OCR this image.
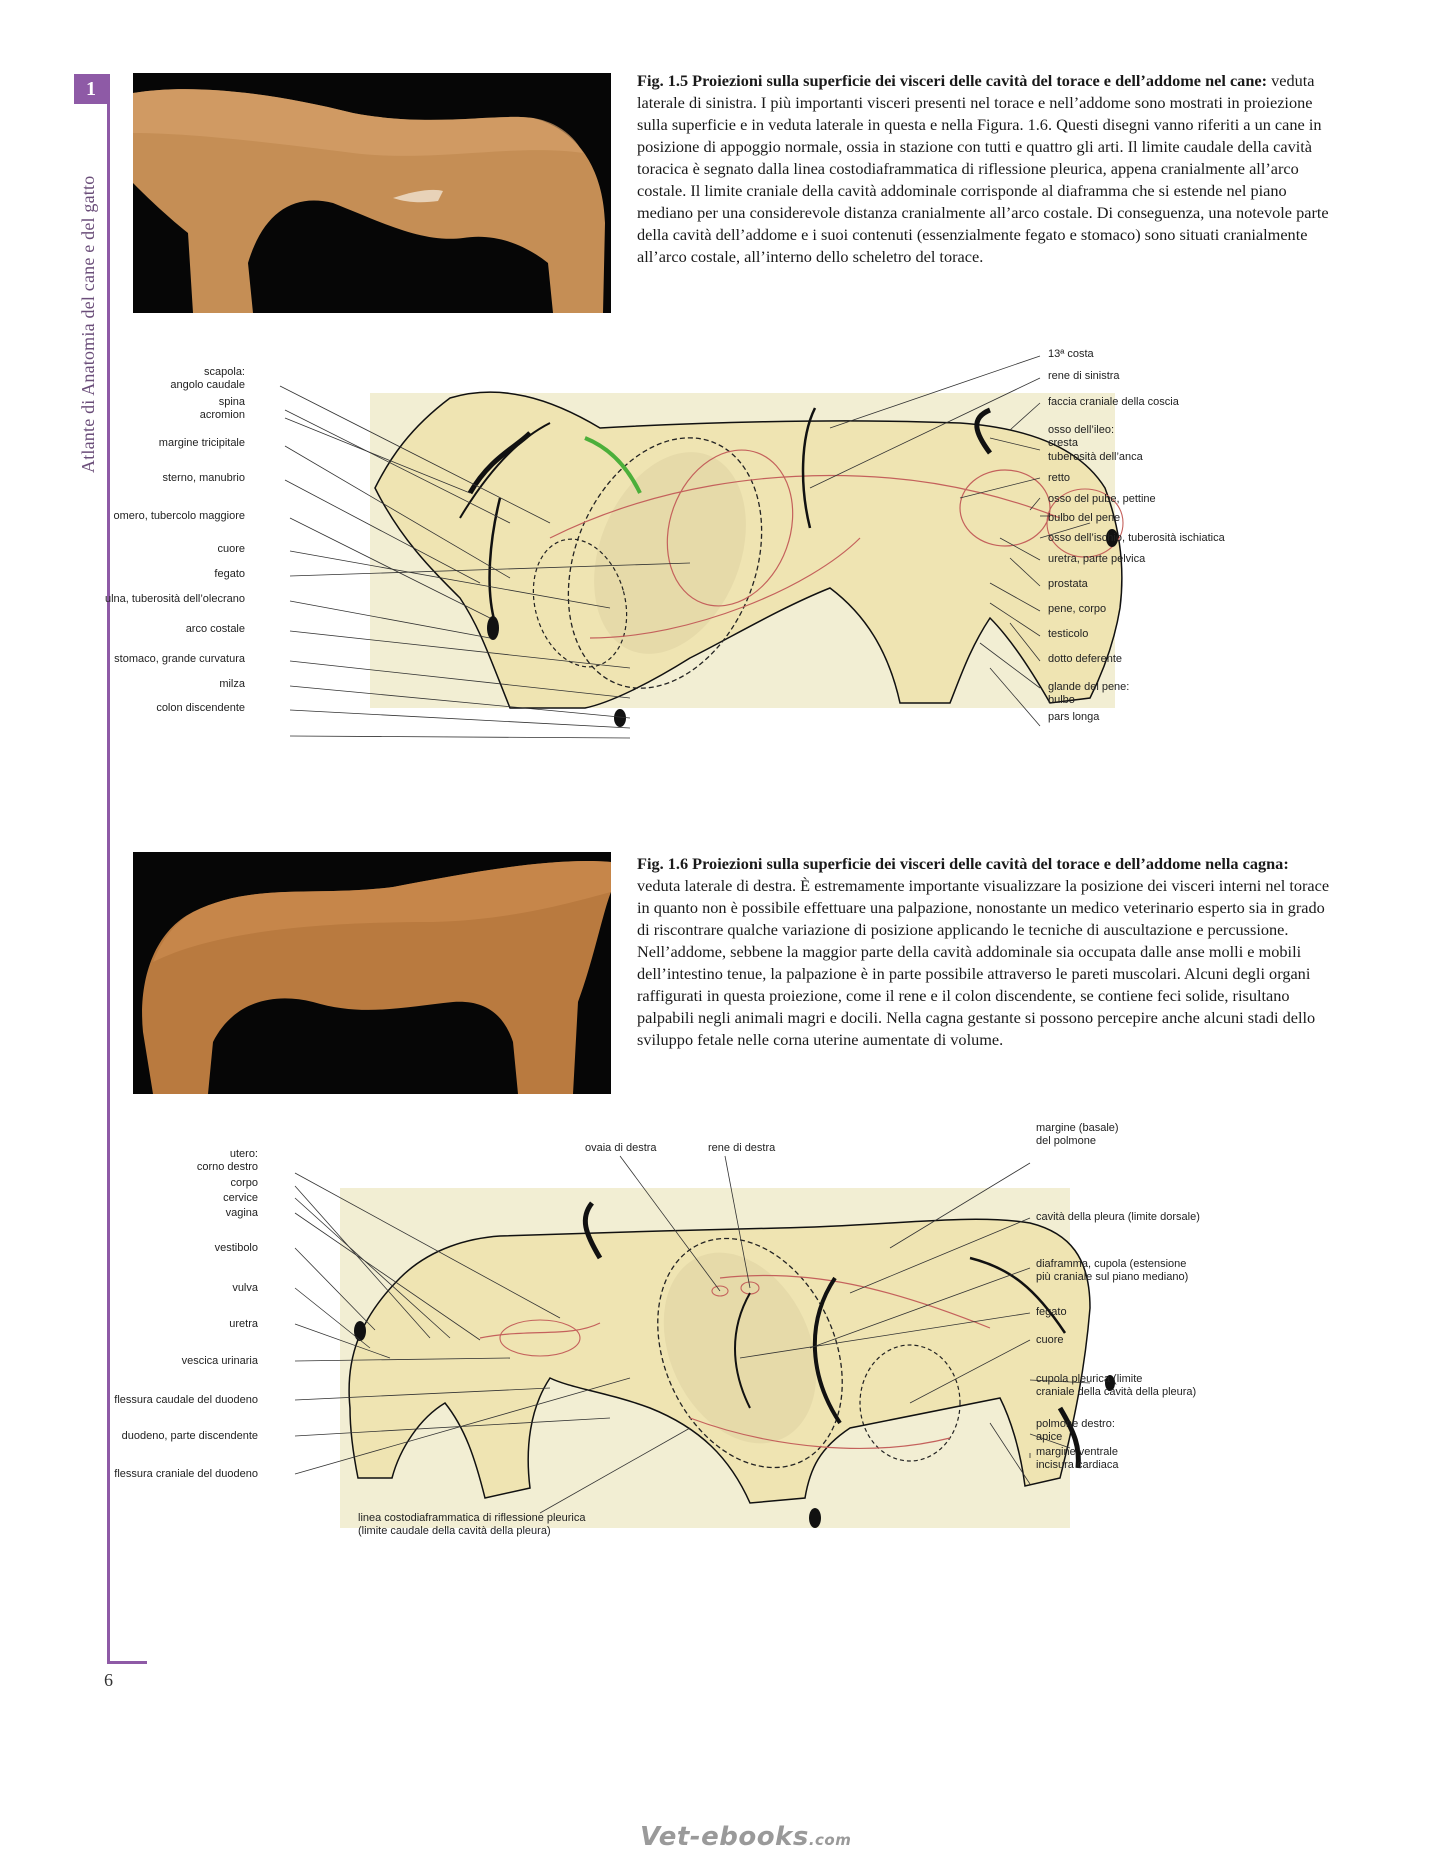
1
Atlante di Anatomia del cane e del gatto
6
Fig. 1.5 Proiezioni sulla superficie dei visceri delle cavità del torace e dell’addome nel cane: veduta laterale di sinistra. I più importanti visceri presenti nel torace e nell’addome sono mostrati in proiezione sulla superficie e in veduta laterale in questa e nella Figura. 1.6. Questi disegni vanno riferiti a un cane in posizione di appoggio normale, ossia in stazione con tutti e quattro gli arti. Il limite caudale della cavità toracica è segnato dalla linea costodiaframmatica di riflessione pleurica, appena cranialmente all’arco costale. Il limite craniale della cavità addominale corrisponde al diaframma che si estende nel piano mediano per una considerevole distanza cranialmente all’arco costale. Di conseguenza, una notevole parte della cavità dell’addome e i suoi contenuti (essenzialmente fegato e stomaco) sono situati cranialmente all’arco costale, all’interno dello scheletro del torace.
scapola:
angolo caudale
spina
acromion
margine tricipitale
sterno, manubrio
omero, tubercolo maggiore
cuore
fegato
ulna, tuberosità dell’olecrano
arco costale
stomaco, grande curvatura
milza
colon discendente
13ª costa
rene di sinistra
faccia craniale della coscia
osso dell’ileo:
cresta
tuberosità dell’anca
retto
osso del pube, pettine
bulbo del pene
osso dell’ischio, tuberosità ischiatica
uretra, parte pelvica
prostata
pene, corpo
testicolo
dotto deferente
glande del pene:
bulbo
pars longa
Fig. 1.6 Proiezioni sulla superficie dei visceri delle cavità del torace e dell’addome nella cagna: veduta laterale di destra. È estremamente importante visualizzare la posizione dei visceri interni nel torace in quanto non è possibile effettuare una palpazione, nonostante un medico veterinario esperto sia in grado di riscontrare qualche variazione di posizione applicando le tecniche di auscultazione e percussione. Nell’addome, sebbene la maggior parte della cavità addominale sia occupata dalle anse molli e mobili dell’intestino tenue, la palpazione è in parte possibile attraverso le pareti muscolari. Alcuni degli organi raffigurati in questa proiezione, come il rene e il colon discendente, se contiene feci solide, risultano palpabili negli animali magri e docili. Nella cagna gestante si possono percepire anche alcuni stadi dello sviluppo fetale nelle corna uterine aumentate di volume.
utero:
corno destro
corpo
cervice
vagina
vestibolo
vulva
uretra
vescica urinaria
flessura caudale del duodeno
duodeno, parte discendente
flessura craniale del duodeno
ovaia di destra	rene di destra
margine (basale)
del polmone
cavità della pleura (limite dorsale)
diaframma, cupola (estensione
più craniale sul piano mediano)
fegato
cuore
cupola pleurica (limite
craniale della cavità della pleura)
polmone destro:
apice
margine ventrale
incisura cardiaca
linea costodiaframmatica di riflessione pleurica
(limite caudale della cavità della pleura)
Vet-ebooks.com
